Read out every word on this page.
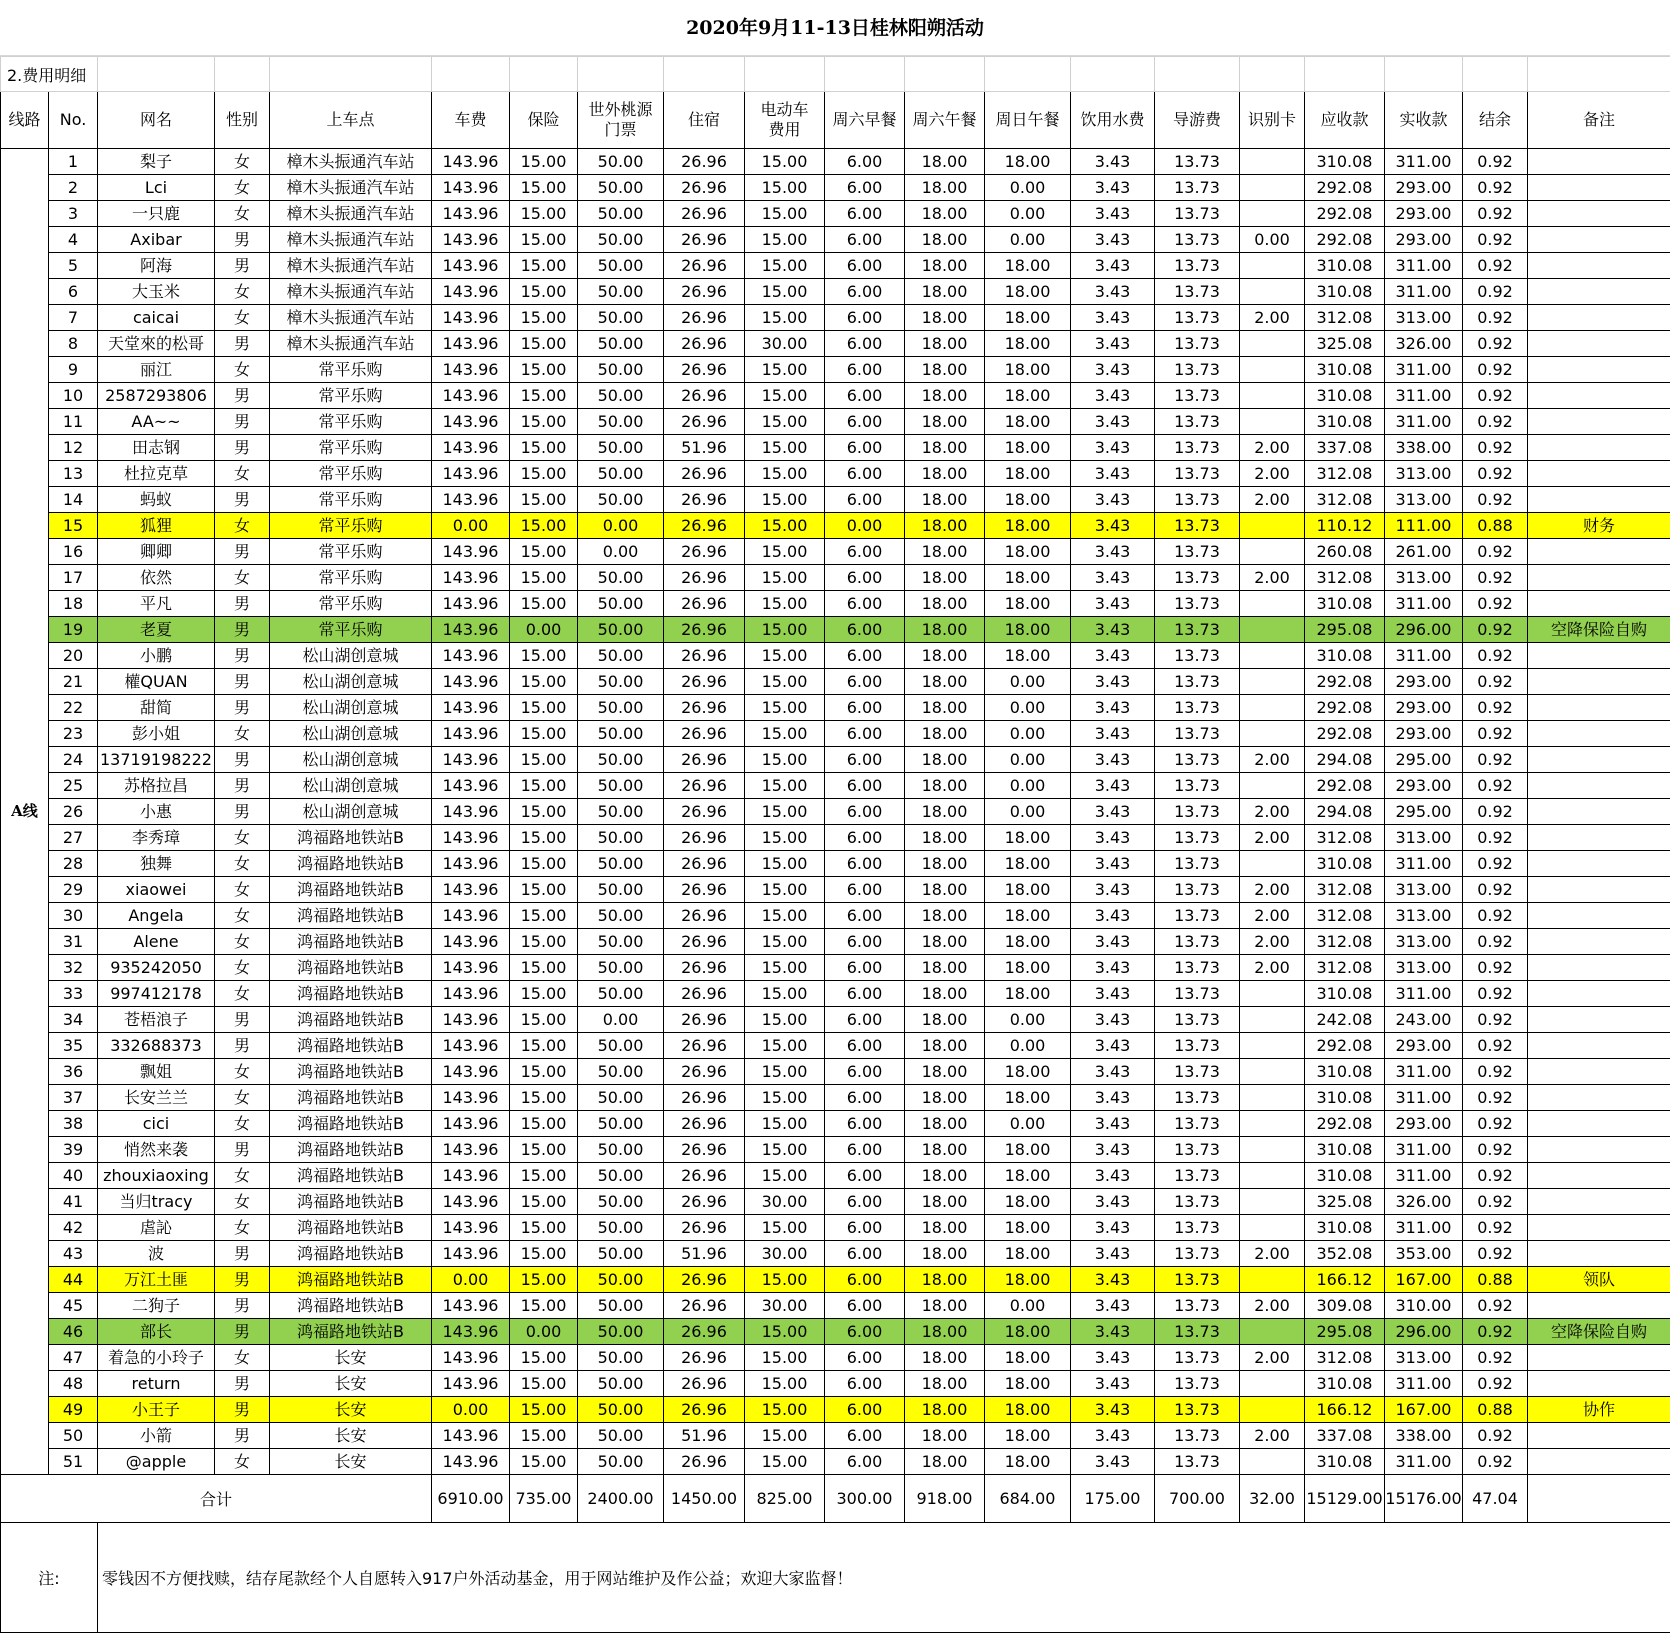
2020年9月11-13日桂林阳朔活动
2.费用明细																			
线路	No.	网名	性别	上车点	车费	保险	世外桃源门票	住宿	电动车费用	周六早餐	周六午餐	周日午餐	饮用水费	导游费	识别卡	应收款	实收款	结余	备注
A线	1	梨子	女	樟木头振通汽车站	143.96	15.00	50.00	26.96	15.00	6.00	18.00	18.00	3.43	13.73		310.08	311.00	0.92	
	2	Lci	女	樟木头振通汽车站	143.96	15.00	50.00	26.96	15.00	6.00	18.00	0.00	3.43	13.73		292.08	293.00	0.92	
	3	一只鹿	女	樟木头振通汽车站	143.96	15.00	50.00	26.96	15.00	6.00	18.00	0.00	3.43	13.73		292.08	293.00	0.92	
	4	Axibar	男	樟木头振通汽车站	143.96	15.00	50.00	26.96	15.00	6.00	18.00	0.00	3.43	13.73	0.00	292.08	293.00	0.92	
	5	阿海	男	樟木头振通汽车站	143.96	15.00	50.00	26.96	15.00	6.00	18.00	18.00	3.43	13.73		310.08	311.00	0.92	
	6	大玉米	女	樟木头振通汽车站	143.96	15.00	50.00	26.96	15.00	6.00	18.00	18.00	3.43	13.73		310.08	311.00	0.92	
	7	caicai	女	樟木头振通汽车站	143.96	15.00	50.00	26.96	15.00	6.00	18.00	18.00	3.43	13.73	2.00	312.08	313.00	0.92	
	8	天堂來的松哥	男	樟木头振通汽车站	143.96	15.00	50.00	26.96	30.00	6.00	18.00	18.00	3.43	13.73		325.08	326.00	0.92	
	9	丽江	女	常平乐购	143.96	15.00	50.00	26.96	15.00	6.00	18.00	18.00	3.43	13.73		310.08	311.00	0.92	
	10	2587293806	男	常平乐购	143.96	15.00	50.00	26.96	15.00	6.00	18.00	18.00	3.43	13.73		310.08	311.00	0.92	
	11	AA~~	男	常平乐购	143.96	15.00	50.00	26.96	15.00	6.00	18.00	18.00	3.43	13.73		310.08	311.00	0.92	
	12	田志钢	男	常平乐购	143.96	15.00	50.00	51.96	15.00	6.00	18.00	18.00	3.43	13.73	2.00	337.08	338.00	0.92	
	13	杜拉克草	女	常平乐购	143.96	15.00	50.00	26.96	15.00	6.00	18.00	18.00	3.43	13.73	2.00	312.08	313.00	0.92	
	14	蚂蚁	男	常平乐购	143.96	15.00	50.00	26.96	15.00	6.00	18.00	18.00	3.43	13.73	2.00	312.08	313.00	0.92	
	15	狐狸	女	常平乐购	0.00	15.00	0.00	26.96	15.00	0.00	18.00	18.00	3.43	13.73		110.12	111.00	0.88	财务
	16	卿卿	男	常平乐购	143.96	15.00	0.00	26.96	15.00	6.00	18.00	18.00	3.43	13.73		260.08	261.00	0.92	
	17	依然	女	常平乐购	143.96	15.00	50.00	26.96	15.00	6.00	18.00	18.00	3.43	13.73	2.00	312.08	313.00	0.92	
	18	平凡	男	常平乐购	143.96	15.00	50.00	26.96	15.00	6.00	18.00	18.00	3.43	13.73		310.08	311.00	0.92	
	19	老夏	男	常平乐购	143.96	0.00	50.00	26.96	15.00	6.00	18.00	18.00	3.43	13.73		295.08	296.00	0.92	空降保险自购
	20	小鹏	男	松山湖创意城	143.96	15.00	50.00	26.96	15.00	6.00	18.00	18.00	3.43	13.73		310.08	311.00	0.92	
	21	權QUAN	男	松山湖创意城	143.96	15.00	50.00	26.96	15.00	6.00	18.00	0.00	3.43	13.73		292.08	293.00	0.92	
	22	甜简	男	松山湖创意城	143.96	15.00	50.00	26.96	15.00	6.00	18.00	0.00	3.43	13.73		292.08	293.00	0.92	
	23	彭小姐	女	松山湖创意城	143.96	15.00	50.00	26.96	15.00	6.00	18.00	0.00	3.43	13.73		292.08	293.00	0.92	
	24	13719198222	男	松山湖创意城	143.96	15.00	50.00	26.96	15.00	6.00	18.00	0.00	3.43	13.73	2.00	294.08	295.00	0.92	
	25	苏格拉昌	男	松山湖创意城	143.96	15.00	50.00	26.96	15.00	6.00	18.00	0.00	3.43	13.73		292.08	293.00	0.92	
	26	小惠	男	松山湖创意城	143.96	15.00	50.00	26.96	15.00	6.00	18.00	0.00	3.43	13.73	2.00	294.08	295.00	0.92	
	27	李秀璋	女	鸿福路地铁站B	143.96	15.00	50.00	26.96	15.00	6.00	18.00	18.00	3.43	13.73	2.00	312.08	313.00	0.92	
	28	独舞	女	鸿福路地铁站B	143.96	15.00	50.00	26.96	15.00	6.00	18.00	18.00	3.43	13.73		310.08	311.00	0.92	
	29	xiaowei	女	鸿福路地铁站B	143.96	15.00	50.00	26.96	15.00	6.00	18.00	18.00	3.43	13.73	2.00	312.08	313.00	0.92	
	30	Angela	女	鸿福路地铁站B	143.96	15.00	50.00	26.96	15.00	6.00	18.00	18.00	3.43	13.73	2.00	312.08	313.00	0.92	
	31	Alene	女	鸿福路地铁站B	143.96	15.00	50.00	26.96	15.00	6.00	18.00	18.00	3.43	13.73	2.00	312.08	313.00	0.92	
	32	935242050	女	鸿福路地铁站B	143.96	15.00	50.00	26.96	15.00	6.00	18.00	18.00	3.43	13.73	2.00	312.08	313.00	0.92	
	33	997412178	女	鸿福路地铁站B	143.96	15.00	50.00	26.96	15.00	6.00	18.00	18.00	3.43	13.73		310.08	311.00	0.92	
	34	苍梧浪子	男	鸿福路地铁站B	143.96	15.00	0.00	26.96	15.00	6.00	18.00	0.00	3.43	13.73		242.08	243.00	0.92	
	35	332688373	男	鸿福路地铁站B	143.96	15.00	50.00	26.96	15.00	6.00	18.00	0.00	3.43	13.73		292.08	293.00	0.92	
	36	飘姐	女	鸿福路地铁站B	143.96	15.00	50.00	26.96	15.00	6.00	18.00	18.00	3.43	13.73		310.08	311.00	0.92	
	37	长安兰兰	女	鸿福路地铁站B	143.96	15.00	50.00	26.96	15.00	6.00	18.00	18.00	3.43	13.73		310.08	311.00	0.92	
	38	cici	女	鸿福路地铁站B	143.96	15.00	50.00	26.96	15.00	6.00	18.00	0.00	3.43	13.73		292.08	293.00	0.92	
	39	悄然来袭	男	鸿福路地铁站B	143.96	15.00	50.00	26.96	15.00	6.00	18.00	18.00	3.43	13.73		310.08	311.00	0.92	
	40	zhouxiaoxing	女	鸿福路地铁站B	143.96	15.00	50.00	26.96	15.00	6.00	18.00	18.00	3.43	13.73		310.08	311.00	0.92	
	41	当归tracy	女	鸿福路地铁站B	143.96	15.00	50.00	26.96	30.00	6.00	18.00	18.00	3.43	13.73		325.08	326.00	0.92	
	42	虐訫	女	鸿福路地铁站B	143.96	15.00	50.00	26.96	15.00	6.00	18.00	18.00	3.43	13.73		310.08	311.00	0.92	
	43	波	男	鸿福路地铁站B	143.96	15.00	50.00	51.96	30.00	6.00	18.00	18.00	3.43	13.73	2.00	352.08	353.00	0.92	
	44	万江土匪	男	鸿福路地铁站B	0.00	15.00	50.00	26.96	15.00	6.00	18.00	18.00	3.43	13.73		166.12	167.00	0.88	领队
	45	二狗子	男	鸿福路地铁站B	143.96	15.00	50.00	26.96	30.00	6.00	18.00	0.00	3.43	13.73	2.00	309.08	310.00	0.92	
	46	部长	男	鸿福路地铁站B	143.96	0.00	50.00	26.96	15.00	6.00	18.00	18.00	3.43	13.73		295.08	296.00	0.92	空降保险自购
	47	着急的小玲子	女	长安	143.96	15.00	50.00	26.96	15.00	6.00	18.00	18.00	3.43	13.73	2.00	312.08	313.00	0.92	
	48	return	男	长安	143.96	15.00	50.00	26.96	15.00	6.00	18.00	18.00	3.43	13.73		310.08	311.00	0.92	
	49	小王子	男	长安	0.00	15.00	50.00	26.96	15.00	6.00	18.00	18.00	3.43	13.73		166.12	167.00	0.88	协作
	50	小箭	男	长安	143.96	15.00	50.00	51.96	15.00	6.00	18.00	18.00	3.43	13.73	2.00	337.08	338.00	0.92	
	51	@apple	女	长安	143.96	15.00	50.00	26.96	15.00	6.00	18.00	18.00	3.43	13.73		310.08	311.00	0.92	
合计					6910.00	735.00	2400.00	1450.00	825.00	300.00	918.00	684.00	175.00	700.00	32.00	15129.00	15176.00	47.04	
注:		零钱因不方便找赎，结存尾款经个人自愿转入917户外活动基金，用于网站维护及作公益；欢迎大家监督！																	
